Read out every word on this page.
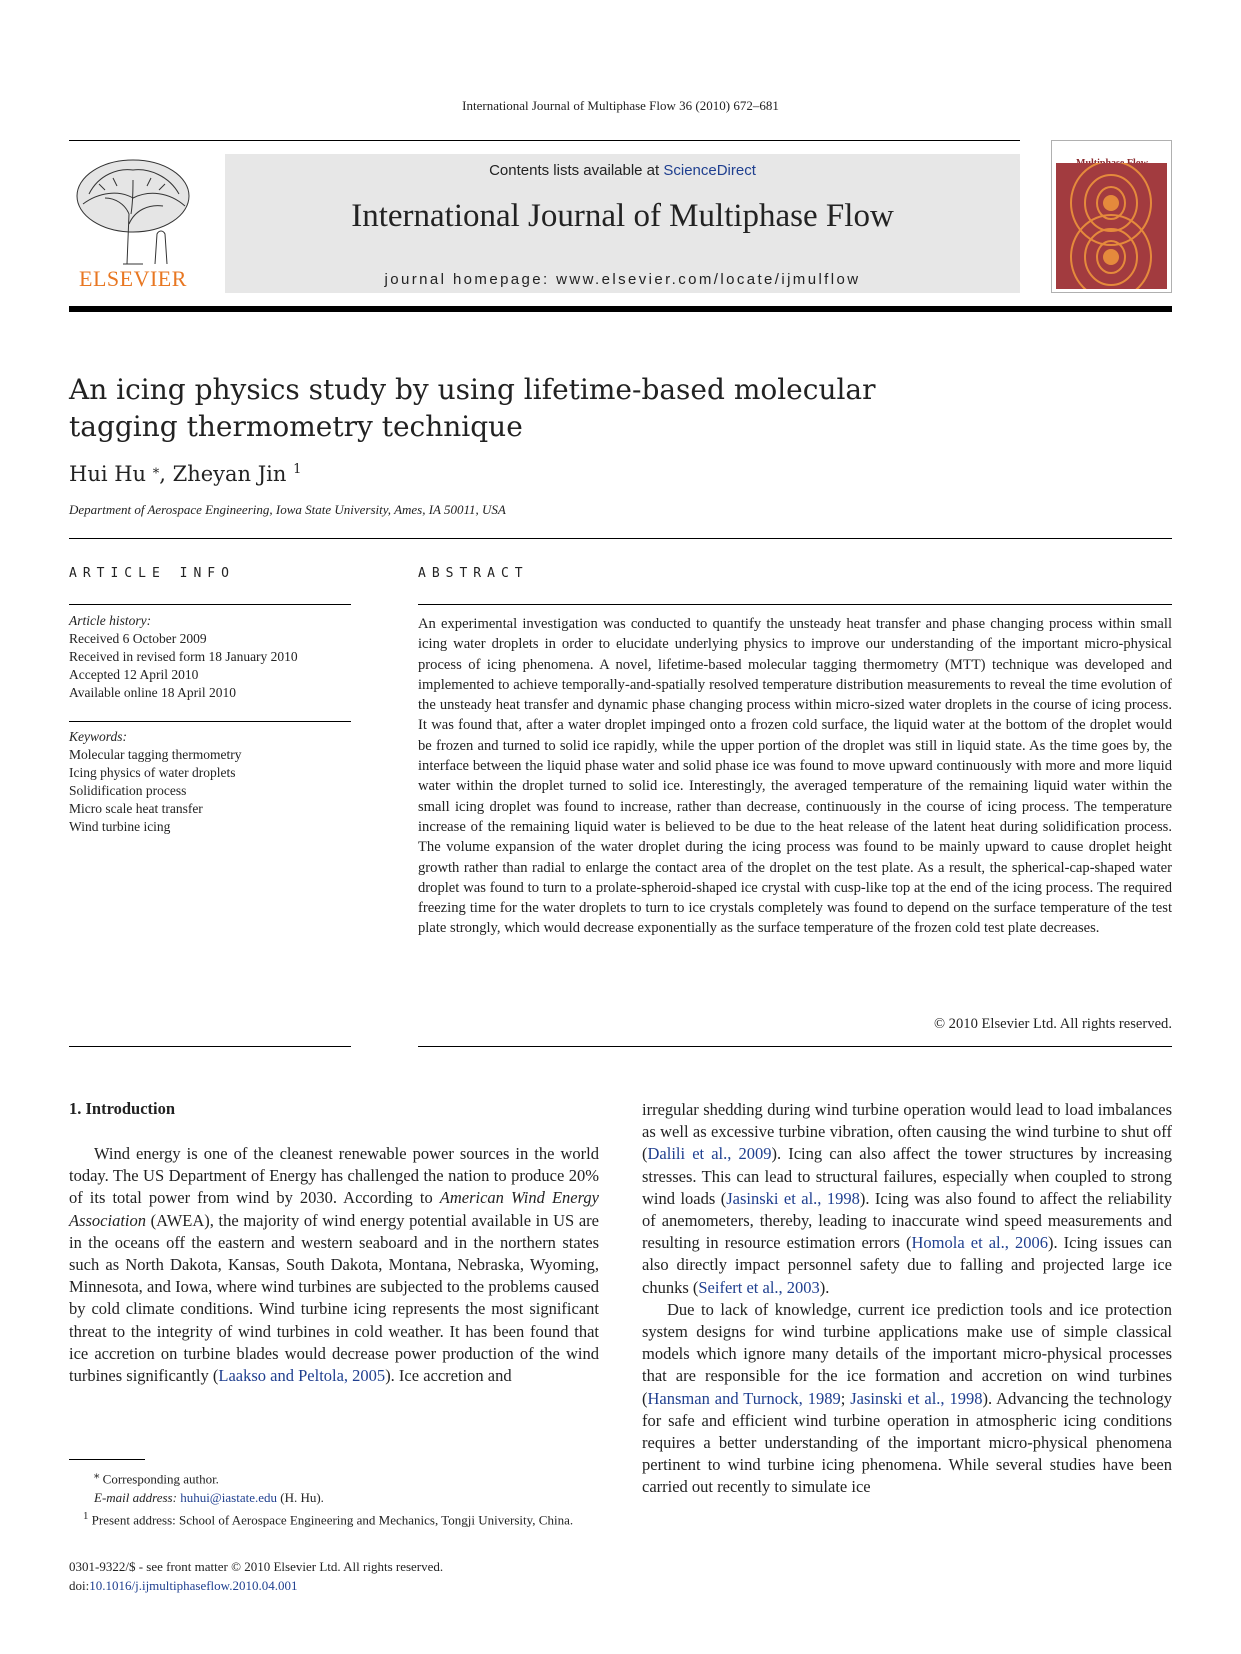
International Journal of Multiphase Flow 36 (2010) 672–681
ELSEVIER
Contents lists available at ScienceDirect
International Journal of Multiphase Flow
journal homepage: www.elsevier.com/locate/ijmulflow
An icing physics study by using lifetime-based molecular tagging thermometry technique
Hui Hu ⁎, Zheyan Jin $^1$
Department of Aerospace Engineering, Iowa State University, Ames, IA 50011, USA
ARTICLE INFO	ABSTRACT
Article history:
Received 6 October 2009
Received in revised form 18 January 2010
Accepted 12 April 2010
Available online 18 April 2010
Keywords:
Molecular tagging thermometry
Icing physics of water droplets
Solidification process
Micro scale heat transfer
Wind turbine icing
An experimental investigation was conducted to quantify the unsteady heat transfer and phase changing process within small icing water droplets in order to elucidate underlying physics to improve our understanding of the important micro-physical process of icing phenomena. A novel, lifetime-based molecular tagging thermometry (MTT) technique was developed and implemented to achieve temporally-and-spatially resolved temperature distribution measurements to reveal the time evolution of the unsteady heat transfer and dynamic phase changing process within micro-sized water droplets in the course of icing process. It was found that, after a water droplet impinged onto a frozen cold surface, the liquid water at the bottom of the droplet would be frozen and turned to solid ice rapidly, while the upper portion of the droplet was still in liquid state. As the time goes by, the interface between the liquid phase water and solid phase ice was found to move upward continuously with more and more liquid water within the droplet turned to solid ice. Interestingly, the averaged temperature of the remaining liquid water within the small icing droplet was found to increase, rather than decrease, continuously in the course of icing process. The temperature increase of the remaining liquid water is believed to be due to the heat release of the latent heat during solidification process. The volume expansion of the water droplet during the icing process was found to be mainly upward to cause droplet height growth rather than radial to enlarge the contact area of the droplet on the test plate. As a result, the spherical-cap-shaped water droplet was found to turn to a prolate-spheroid-shaped ice crystal with cusp-like top at the end of the icing process. The required freezing time for the water droplets to turn to ice crystals completely was found to depend on the surface temperature of the test plate strongly, which would decrease exponentially as the surface temperature of the frozen cold test plate decreases.
© 2010 Elsevier Ltd. All rights reserved.
1. Introduction

Wind energy is one of the cleanest renewable power sources in the world today. The US Department of Energy has challenged the nation to produce 20% of its total power from wind by 2030. According to American Wind Energy Association (AWEA), the majority of wind energy potential available in US are in the oceans off the eastern and western seaboard and in the northern states such as North Dakota, Kansas, South Dakota, Montana, Nebraska, Wyoming, Minnesota, and Iowa, where wind turbines are subjected to the problems caused by cold climate conditions. Wind turbine icing represents the most significant threat to the integrity of wind turbines in cold weather. It has been found that ice accretion on turbine blades would decrease power production of the wind turbines significantly (Laakso and Peltola, 2005). Ice accretion and

irregular shedding during wind turbine operation would lead to load imbalances as well as excessive turbine vibration, often causing the wind turbine to shut off (Dalili et al., 2009). Icing can also affect the tower structures by increasing stresses. This can lead to structural failures, especially when coupled to strong wind loads (Jasinski et al., 1998). Icing was also found to affect the reliability of anemometers, thereby, leading to inaccurate wind speed measurements and resulting in resource estimation errors (Homola et al., 2006). Icing issues can also directly impact personnel safety due to falling and projected large ice chunks (Seifert et al., 2003).

Due to lack of knowledge, current ice prediction tools and ice protection system designs for wind turbine applications make use of simple classical models which ignore many details of the important micro-physical processes that are responsible for the ice formation and accretion on wind turbines (Hansman and Turnock, 1989; Jasinski et al., 1998). Advancing the technology for safe and efficient wind turbine operation in atmospheric icing conditions requires a better understanding of the important micro-physical phenomena pertinent to wind turbine icing phenomena. While several studies have been carried out recently to simulate ice

⁎ Corresponding author.
E-mail address: huhui@iastate.edu (H. Hu).
$^1$ Present address: School of Aerospace Engineering and Mechanics, Tongji University, China.
0301-9322/$ - see front matter © 2010 Elsevier Ltd. All rights reserved.
doi:10.1016/j.ijmultiphaseflow.2010.04.001
